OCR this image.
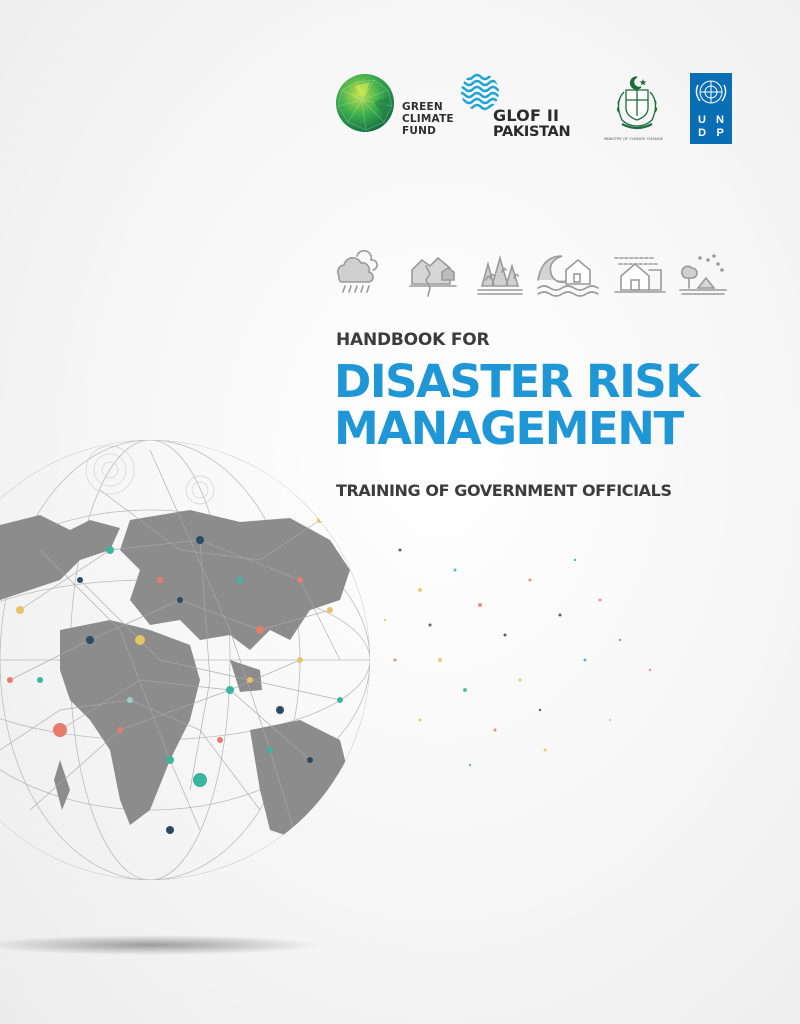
GREEN
CLIMATE
FUND
GLOF II
PAKISTAN	MINISTRY OF CLIMATE CHANGE
U N
D P
HANDBOOK FOR
DISASTER RISK
MANAGEMENT
TRAINING OF GOVERNMENT OFFICIALS
